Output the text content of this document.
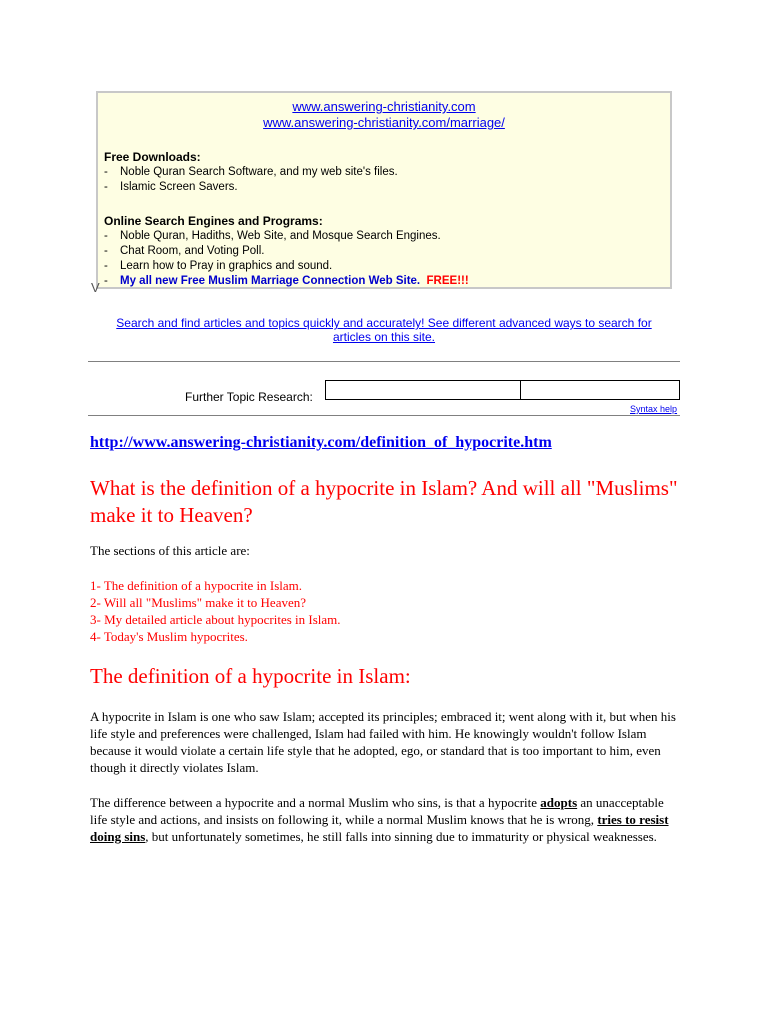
www.answering-christianity.com
www.answering-christianity.com/marriage/
Free Downloads:
- Noble Quran Search Software, and my web site's files.
- Islamic Screen Savers.
Online Search Engines and Programs:
- Noble Quran, Hadiths, Web Site, and Mosque Search Engines.
- Chat Room, and Voting Poll.
- Learn how to Pray in graphics and sound.
- My all new Free Muslim Marriage Connection Web Site. FREE!!!
V
Search and find articles and topics quickly and accurately! See different advanced ways to search for articles on this site.
Further Topic Research:
Syntax help
http://www.answering-christianity.com/definition_of_hypocrite.htm
What is the definition of a hypocrite in Islam? And will all "Muslims" make it to Heaven?
The sections of this article are:
1- The definition of a hypocrite in Islam.
2- Will all "Muslims" make it to Heaven?
3- My detailed article about hypocrites in Islam.
4- Today's Muslim hypocrites.
The definition of a hypocrite in Islam:
A hypocrite in Islam is one who saw Islam; accepted its principles; embraced it; went along with it, but when his life style and preferences were challenged, Islam had failed with him. He knowingly wouldn't follow Islam because it would violate a certain life style that he adopted, ego, or standard that is too important to him, even though it directly violates Islam.
The difference between a hypocrite and a normal Muslim who sins, is that a hypocrite adopts an unacceptable life style and actions, and insists on following it, while a normal Muslim knows that he is wrong, tries to resist doing sins, but unfortunately sometimes, he still falls into sinning due to immaturity or physical weaknesses.
